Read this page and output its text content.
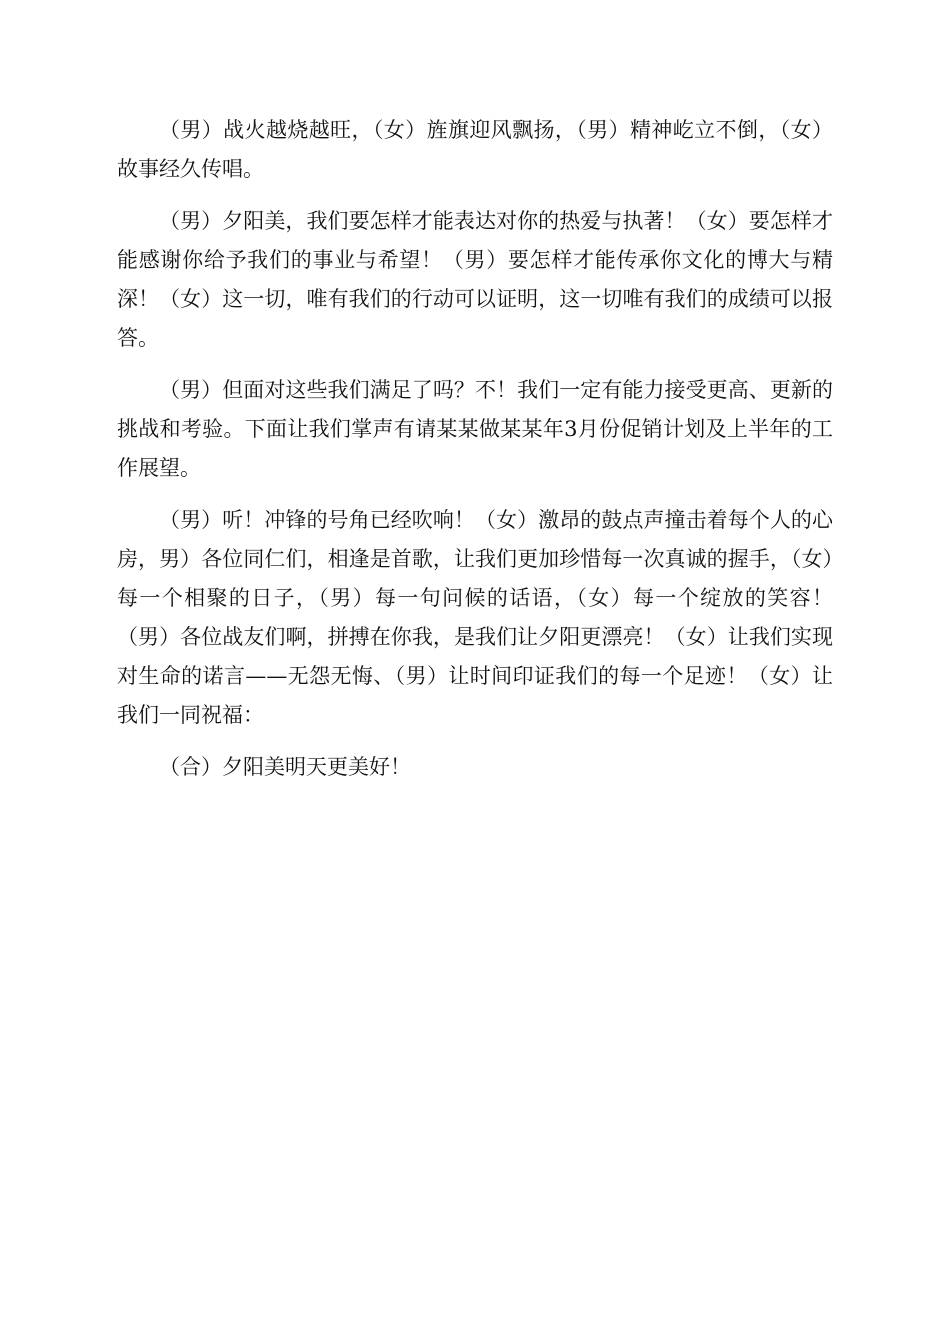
（男）战火越烧越旺，（女）旌旗迎风飘扬，（男）精神屹立不倒，（女）故事经久传唱。

（男）夕阳美，我们要怎样才能表达对你的热爱与执著！（女）要怎样才能感谢你给予我们的事业与希望！（男）要怎样才能传承你文化的博大与精深！（女）这一切，唯有我们的行动可以证明，这一切唯有我们的成绩可以报答。

（男）但面对这些我们满足了吗？不！我们一定有能力接受更高、更新的挑战和考验。下面让我们掌声有请某某做某某年3月份促销计划及上半年的工作展望。

（男）听！冲锋的号角已经吹响！（女）激昂的鼓点声撞击着每个人的心房，男）各位同仁们，相逢是首歌，让我们更加珍惜每一次真诚的握手，（女）每一个相聚的日子，（男）每一句问候的话语，（女）每一个绽放的笑容！（男）各位战友们啊，拼搏在你我，是我们让夕阳更漂亮！（女）让我们实现对生命的诺言——无怨无悔、（男）让时间印证我们的每一个足迹！（女）让我们一同祝福：

（合）夕阳美明天更美好！
